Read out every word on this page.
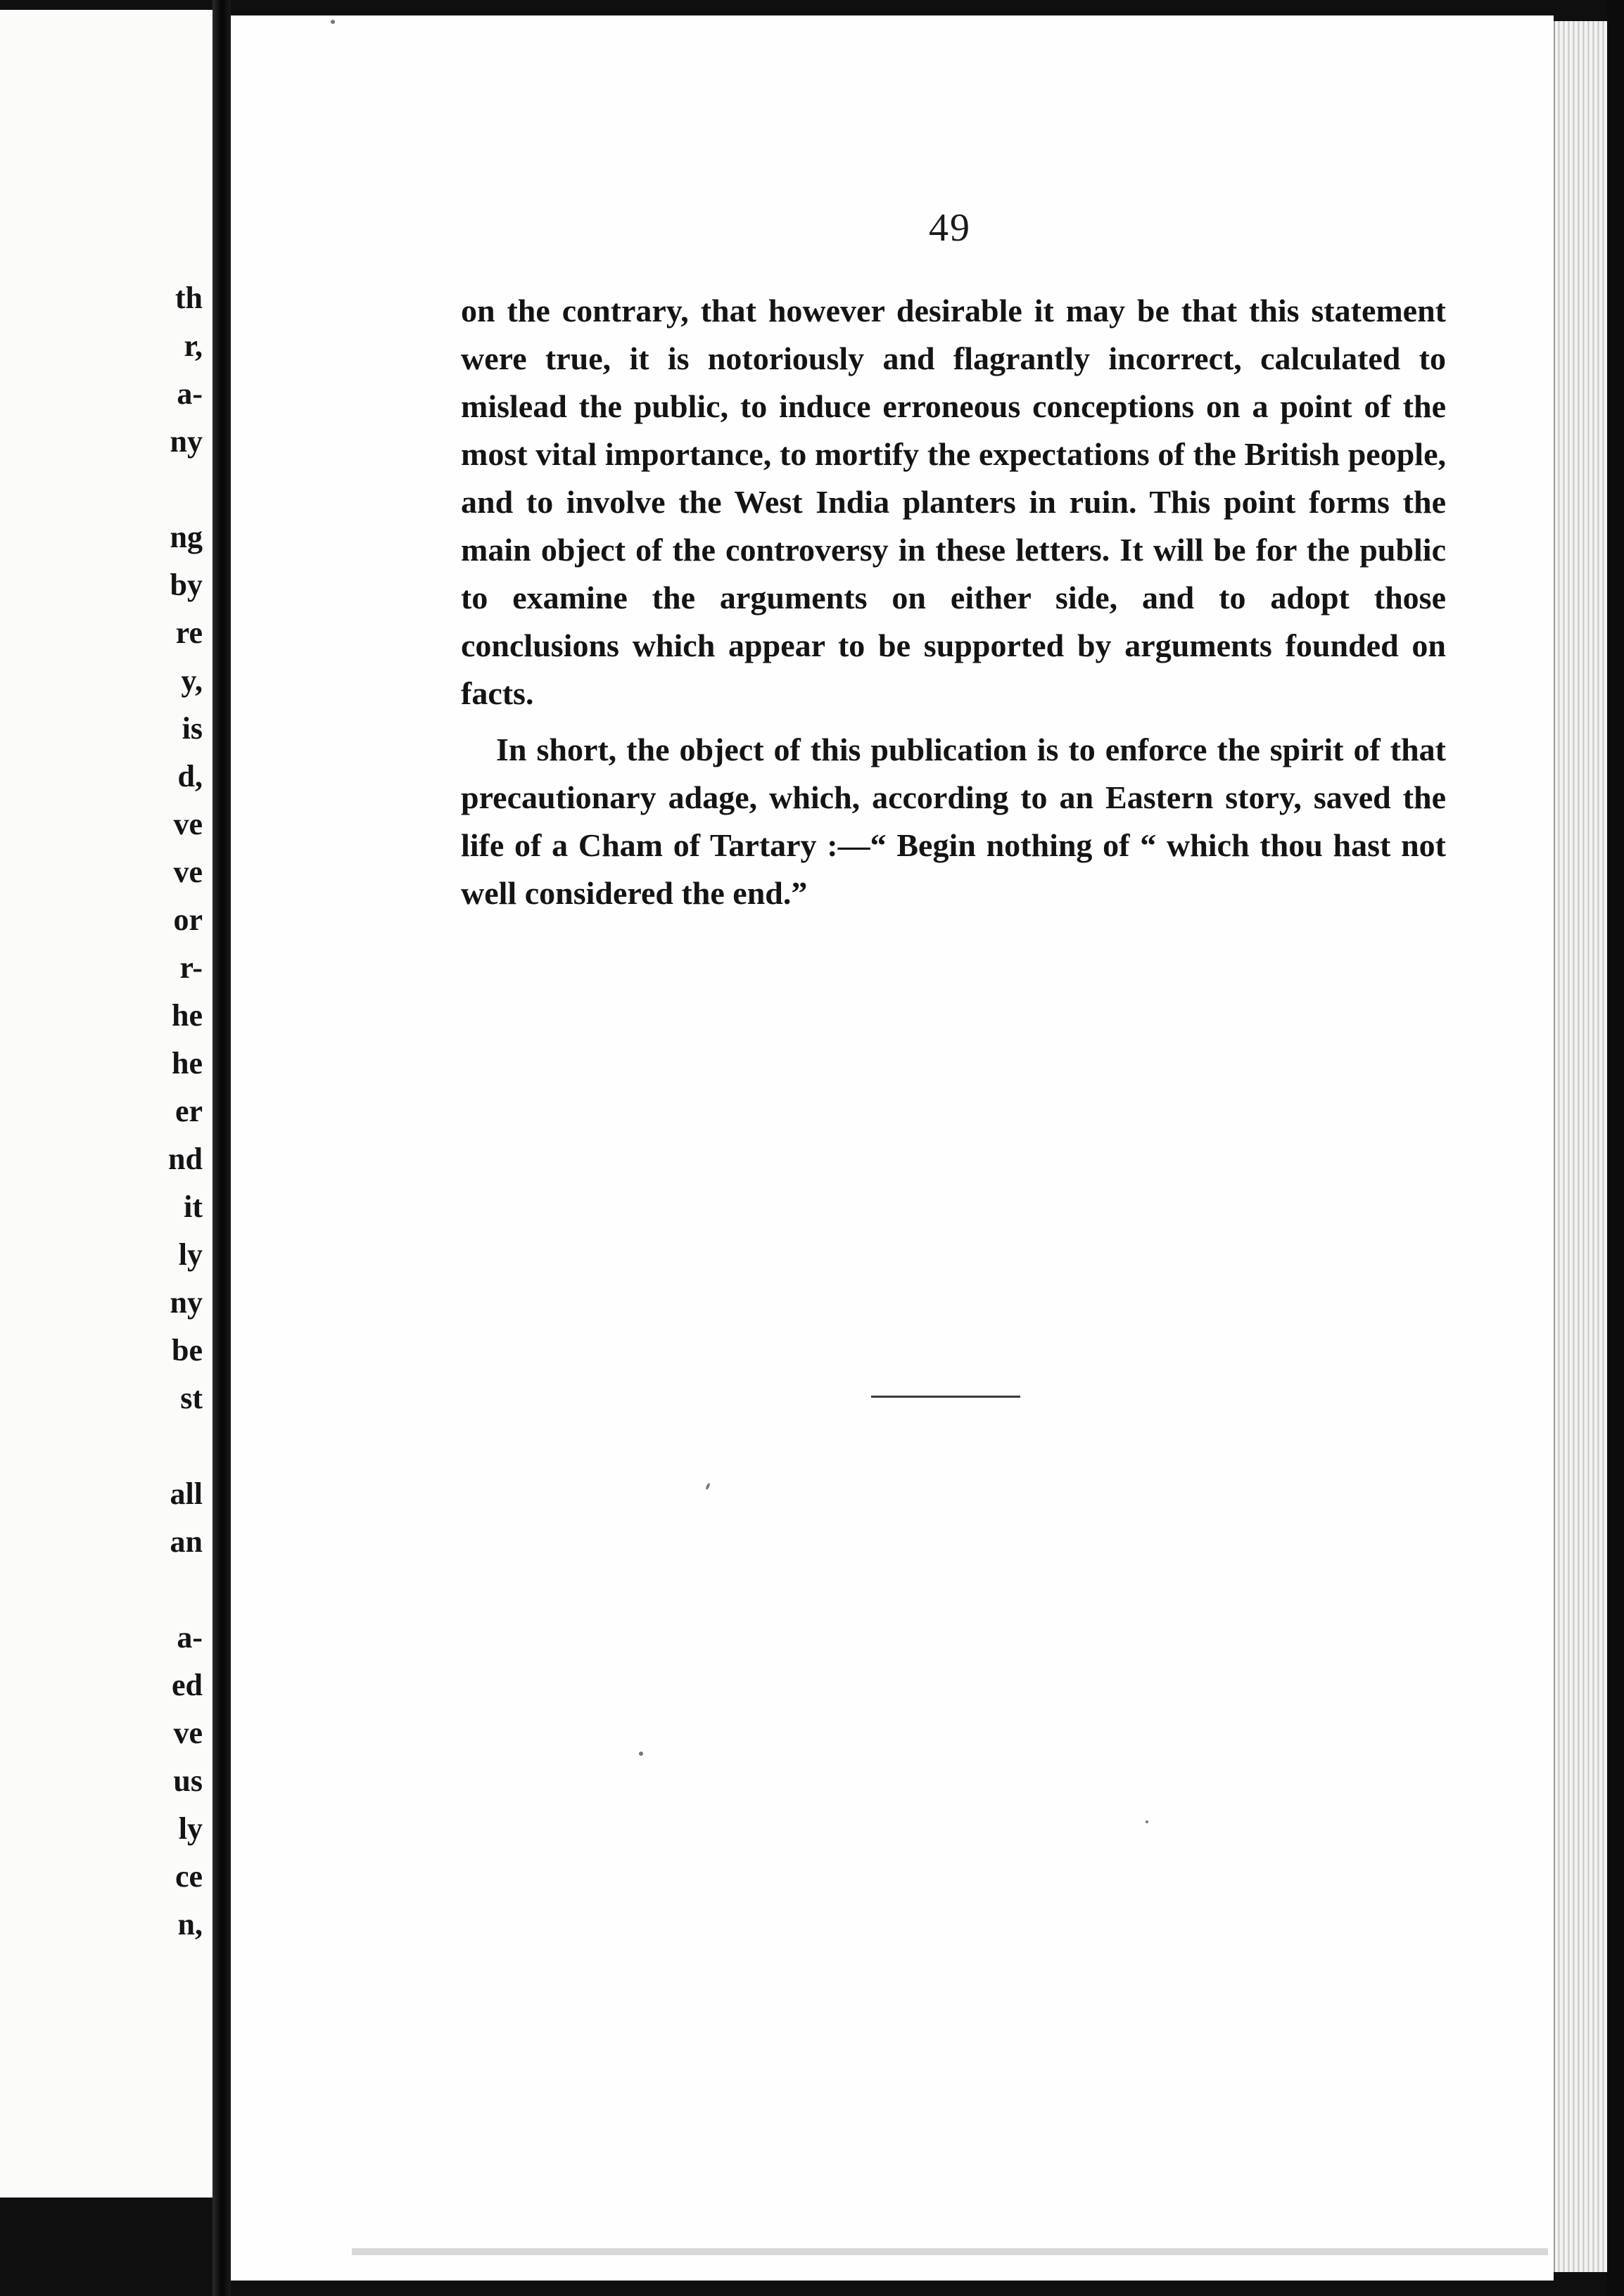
th
r,
a-
ny
ng
by
re
y,
is
d,
ve
ve
or
r-
he
he
er
nd
it
ly
ny
be
st
all
an
a-
ed
ve
us
ly
ce
n,
49

on the contrary, that however desirable it may be that this statement were true, it is notoriously and flagrantly incorrect, calculated to mislead the public, to induce erroneous conceptions on a point of the most vital importance, to mortify the expectations of the British people, and to involve the West India planters in ruin. This point forms the main object of the controversy in these letters. It will be for the public to examine the arguments on either side, and to adopt those conclusions which appear to be supported by arguments founded on facts.

In short, the object of this publication is to enforce the spirit of that precautionary adage, which, according to an Eastern story, saved the life of a Cham of Tartary :—“ Begin nothing of “ which thou hast not well considered the end.”
